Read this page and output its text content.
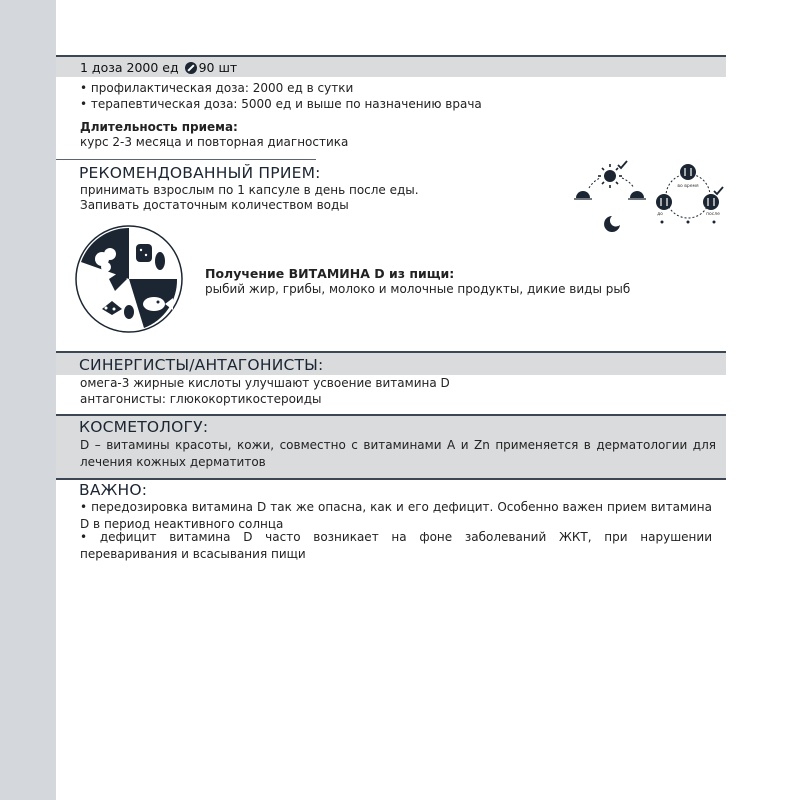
1 доза 2000 ед 90 шт
• профилактическая доза: 2000 ед в сутки
• терапевтическая доза: 5000 ед и выше по назначению врача
Длительность приема:
курс 2-3 месяца и повторная диагностика
РЕКОМЕНДОВАННЫЙ ПРИЕМ:
принимать взрослым по 1 капсуле в день после еды.
Запивать достаточным количеством воды
во время
до	после
Получение ВИТАМИНА D из пищи:
рыбий жир, грибы, молоко и молочные продукты, дикие виды рыб
СИНЕРГИСТЫ/АНТАГОНИСТЫ:
омега-3 жирные кислоты улучшают усвоение витамина D
антагонисты: глюкокортикостероиды
КОСМЕТОЛОГУ:
D – витамины красоты, кожи, совместно с витаминами А и Zn применяется в дерматологии для лечения кожных дерматитов
ВАЖНО:
• передозировка витамина D так же опасна, как и его дефицит. Особенно важен прием витамина D в период неактивного солнца
• дефицит витамина D часто возникает на фоне заболеваний ЖКТ, при нарушении переваривания и всасывания пищи
